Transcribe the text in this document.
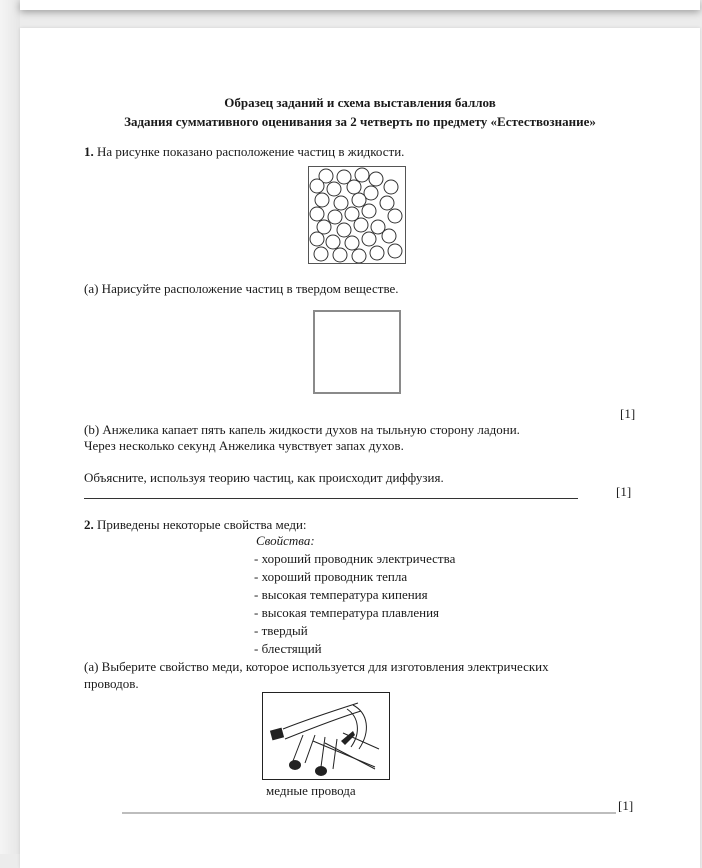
Образец заданий и схема выставления баллов
Задания суммативного оценивания за 2 четверть по предмету «Естествознание»
1. На рисунке показано расположение частиц в жидкости.
(a) Нарисуйте расположение частиц в твердом веществе.
[1]
(b) Анжелика капает пять капель жидкости духов на тыльную сторону ладони.
Через несколько секунд Анжелика чувствует запах духов.
Объясните, используя теорию частиц, как происходит диффузия.
[1]
2. Приведены некоторые свойства меди:
Свойства:
- хороший проводник электричества
- хороший проводник тепла
- высокая температура кипения
- высокая температура плавления
- твердый
- блестящий
(a) Выберите свойство меди, которое используется для изготовления электрических
проводов.
медные провода
[1]
